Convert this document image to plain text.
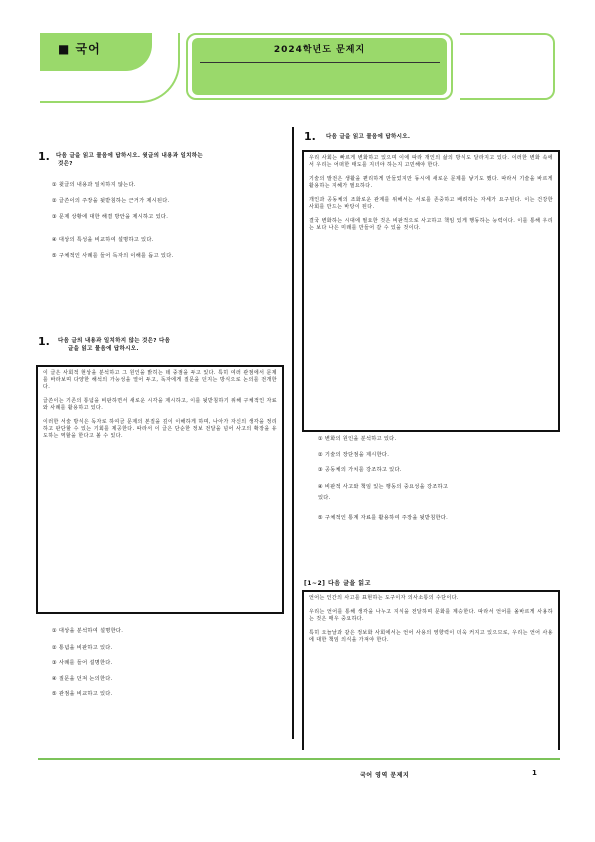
■ 국어	2024학년도 문제지
1. 다음 글을 읽고 물음에 답하시오. 윗글의 내용과 일치하는
것은?
① 윗글의 내용과 일치하지 않는다.
② 글쓴이의 주장을 뒷받침하는 근거가 제시된다.
③ 문제 상황에 대한 해결 방안을 제시하고 있다.
④ 대상의 특성을 비교하여 설명하고 있다.
⑤ 구체적인 사례를 들어 독자의 이해를 돕고 있다.
1. 다음 글의 내용과 일치하지 않는 것은? 다음
글을 읽고 물음에 답하시오.

이 글은 사회적 현상을 분석하고 그 원인을 밝히는 데 중점을 두고 있다. 특히 여러 관점에서 문제를 바라보며 다양한 해석의 가능성을 열어 두고, 독자에게 질문을 던지는 방식으로 논의를 전개한다.

글쓴이는 기존의 통념을 비판하면서 새로운 시각을 제시하고, 이를 뒷받침하기 위해 구체적인 자료와 사례를 활용하고 있다.

이러한 서술 방식은 독자로 하여금 문제의 본질을 깊이 이해하게 하며, 나아가 자신의 생각을 정리하고 판단할 수 있는 기회를 제공한다. 따라서 이 글은 단순한 정보 전달을 넘어 사고의 확장을 유도하는 역할을 한다고 볼 수 있다.

① 대상을 분석하여 설명한다.
② 통념을 비판하고 있다.
③ 사례를 들어 설명한다.
④ 질문을 던져 논의한다.
⑤ 관점을 비교하고 있다.
1. 다음 글을 읽고 물음에 답하시오.

우리 사회는 빠르게 변화하고 있으며 이에 따라 개인의 삶의 방식도 달라지고 있다. 이러한 변화 속에서 우리는 어떠한 태도를 지녀야 하는지 고민해야 한다.

기술의 발전은 생활을 편리하게 만들었지만 동시에 새로운 문제를 낳기도 했다. 따라서 기술을 바르게 활용하는 지혜가 필요하다.

개인과 공동체의 조화로운 관계를 위해서는 서로를 존중하고 배려하는 자세가 요구된다. 이는 건강한 사회를 만드는 바탕이 된다.

결국 변화하는 시대에 필요한 것은 비판적으로 사고하고 책임 있게 행동하는 능력이다. 이를 통해 우리는 보다 나은 미래를 만들어 갈 수 있을 것이다.

① 변화의 원인을 분석하고 있다.
② 기술의 장단점을 제시한다.
③ 공동체의 가치를 강조하고 있다.
④ 비판적 사고와 책임 있는 행동의 중요성을 강조하고
있다.
⑤ 구체적인 통계 자료를 활용하여 주장을 뒷받침한다.
[1~2] 다음 글을 읽고

언어는 인간의 사고를 표현하는 도구이자 의사소통의 수단이다.

우리는 언어를 통해 생각을 나누고 지식을 전달하며 문화를 계승한다. 따라서 언어를 올바르게 사용하는 것은 매우 중요하다.

특히 오늘날과 같은 정보화 사회에서는 언어 사용의 영향력이 더욱 커지고 있으므로, 우리는 언어 사용에 대한 책임 의식을 가져야 한다.

국어 영역 문제지	1
